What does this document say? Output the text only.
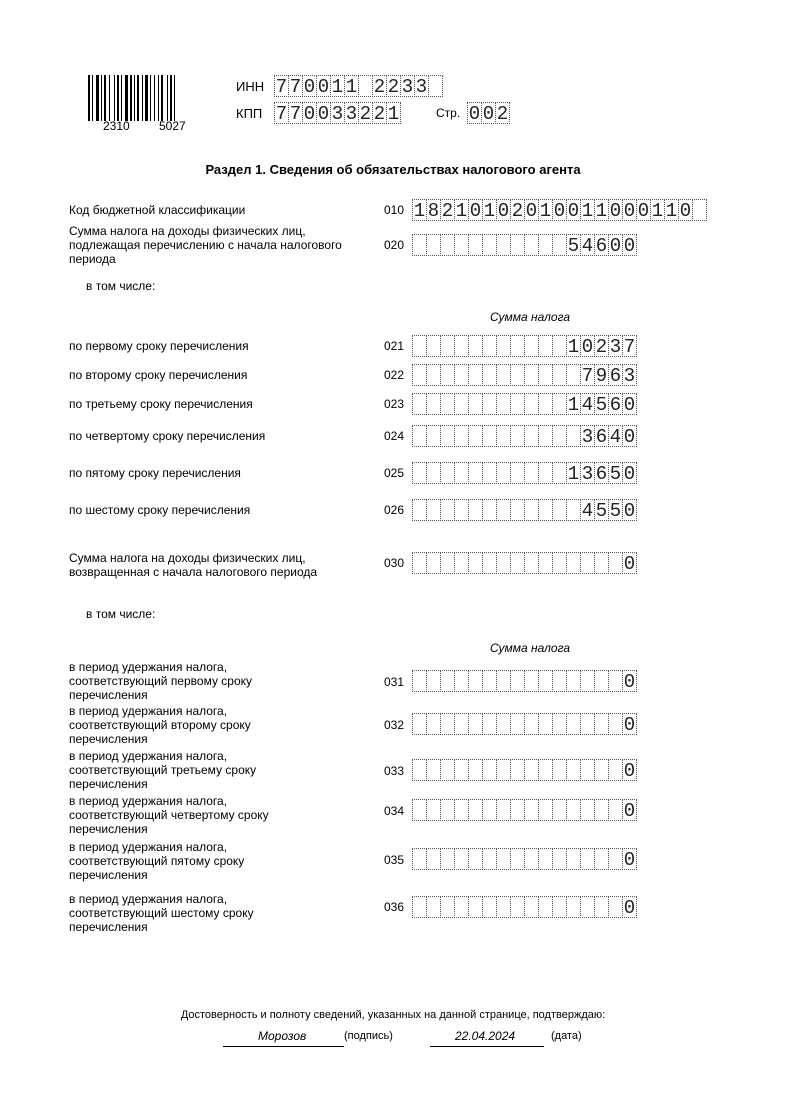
2310 5027
ИНН 7 7 0 0 1 1 2 2 3 3
КПП 7 7 0 0 3 3 2 2 1	Стр. 0 0 2
Раздел 1. Сведения об обязательствах налогового агента
Код бюджетной классификации	010 1 8 2 1 0 1 0 2 0 1 0 0 1 1 0 0 0 1 1 0
Сумма налога на доходы физических лиц,
подлежащая перечислению с начала налогового
периода
020	5 4 6 0 0
в том числе:
Сумма налога
по первому сроку перечисления	021	1 0 2 3 7
по второму сроку перечисления	022	7 9 6 3
по третьему сроку перечисления	023	1 4 5 6 0
по четвертому сроку перечисления	024	3 6 4 0
по пятому сроку перечисления	025	1 3 6 5 0
по шестому сроку перечисления	026	4 5 5 0
Сумма налога на доходы физических лиц,
возвращенная с начала налогового периода
030	0
в том числе:
Сумма налога
в период удержания налога,
соответствующий первому сроку
перечисления
031	0
в период удержания налога,
соответствующий второму сроку
перечисления
032	0
в период удержания налога,
соответствующий третьему сроку
перечисления
033	0
в период удержания налога,
соответствующий четвертому сроку
перечисления
034	0
в период удержания налога,
соответствующий пятому сроку
перечисления
035	0
в период удержания налога,
соответствующий шестому сроку
перечисления
036	0
Достоверность и полноту сведений, указанных на данной странице, подтверждаю:
Морозов	(подпись)	22.04.2024	(дата)
